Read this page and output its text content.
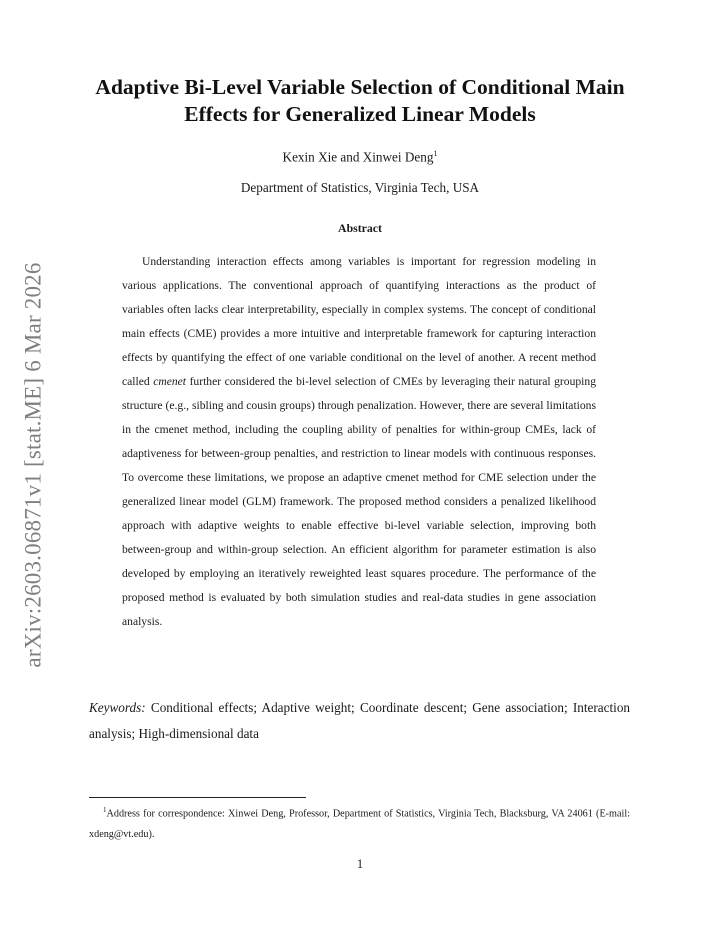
arXiv:2603.06871v1 [stat.ME] 6 Mar 2026
Adaptive Bi-Level Variable Selection of Conditional Main Effects for Generalized Linear Models
Kexin Xie and Xinwei Deng$^1$
Department of Statistics, Virginia Tech, USA
Abstract

Understanding interaction effects among variables is important for regression modeling in various applications. The conventional approach of quantifying interactions as the product of variables often lacks clear interpretability, especially in complex systems. The concept of conditional main effects (CME) provides a more intuitive and interpretable framework for capturing interaction effects by quantifying the effect of one variable conditional on the level of another. A recent method called cmenet further considered the bi-level selection of CMEs by leveraging their natural grouping structure (e.g., sibling and cousin groups) through penalization. However, there are several limitations in the cmenet method, including the coupling ability of penalties for within-group CMEs, lack of adaptiveness for between-group penalties, and restriction to linear models with continuous responses. To overcome these limitations, we propose an adaptive cmenet method for CME selection under the generalized linear model (GLM) framework. The proposed method considers a penalized likelihood approach with adaptive weights to enable effective bi-level variable selection, improving both between-group and within-group selection. An efficient algorithm for parameter estimation is also developed by employing an iteratively reweighted least squares procedure. The performance of the proposed method is evaluated by both simulation studies and real-data studies in gene association analysis.

Keywords: Conditional effects; Adaptive weight; Coordinate descent; Gene association; Interaction analysis; High-dimensional data

$^1$Address for correspondence: Xinwei Deng, Professor, Department of Statistics, Virginia Tech, Blacksburg, VA 24061 (E-mail: xdeng@vt.edu).

1
